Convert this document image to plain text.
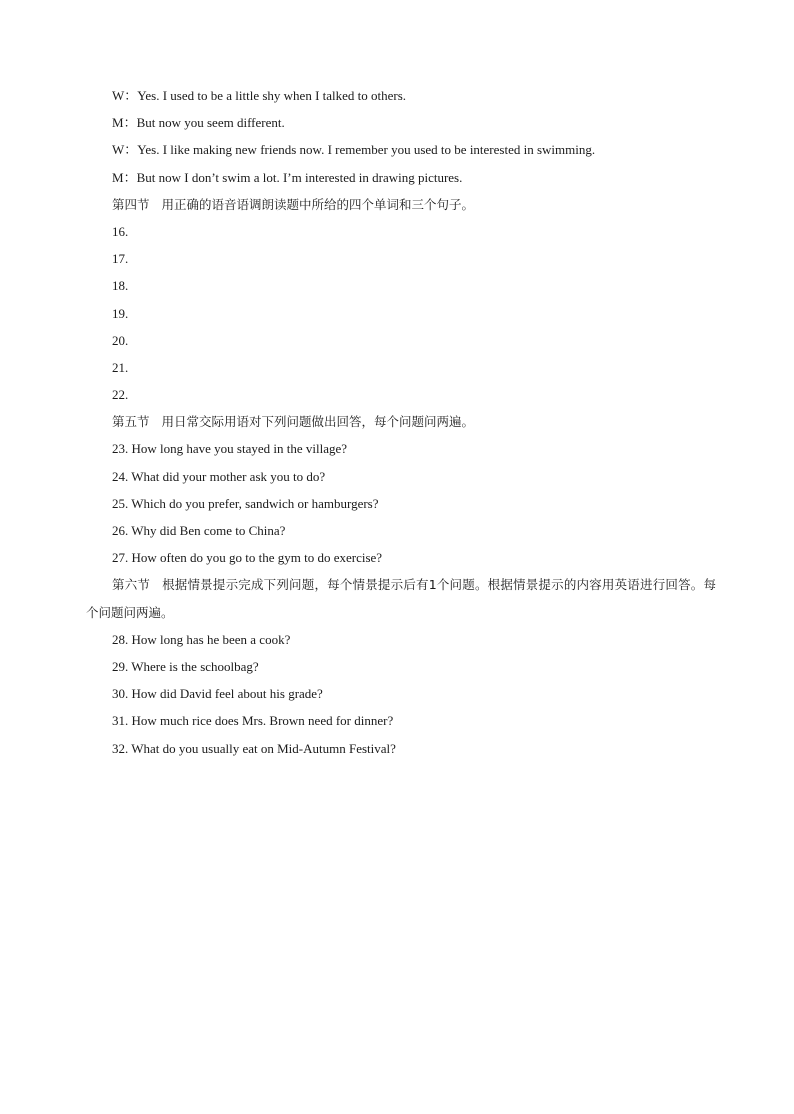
W：Yes. I used to be a little shy when I talked to others.
M：But now you seem different.
W：Yes. I like making new friends now. I remember you used to be interested in swimming.
M：But now I don’t swim a lot. I’m interested in drawing pictures.
第四节 用正确的语音语调朗读题中所给的四个单词和三个句子。
16.
17.
18.
19.
20.
21.
22.
第五节 用日常交际用语对下列问题做出回答，每个问题问两遍。
23. How long have you stayed in the village?
24. What did your mother ask you to do?
25. Which do you prefer, sandwich or hamburgers?
26. Why did Ben come to China?
27. How often do you go to the gym to do exercise?
第六节 根据情景提示完成下列问题，每个情景提示后有1个问题。根据情景提示的内容用英语进行回答。每个问题问两遍。
28. How long has he been a cook?
29. Where is the schoolbag?
30. How did David feel about his grade?
31. How much rice does Mrs. Brown need for dinner?
32. What do you usually eat on Mid-Autumn Festival?
